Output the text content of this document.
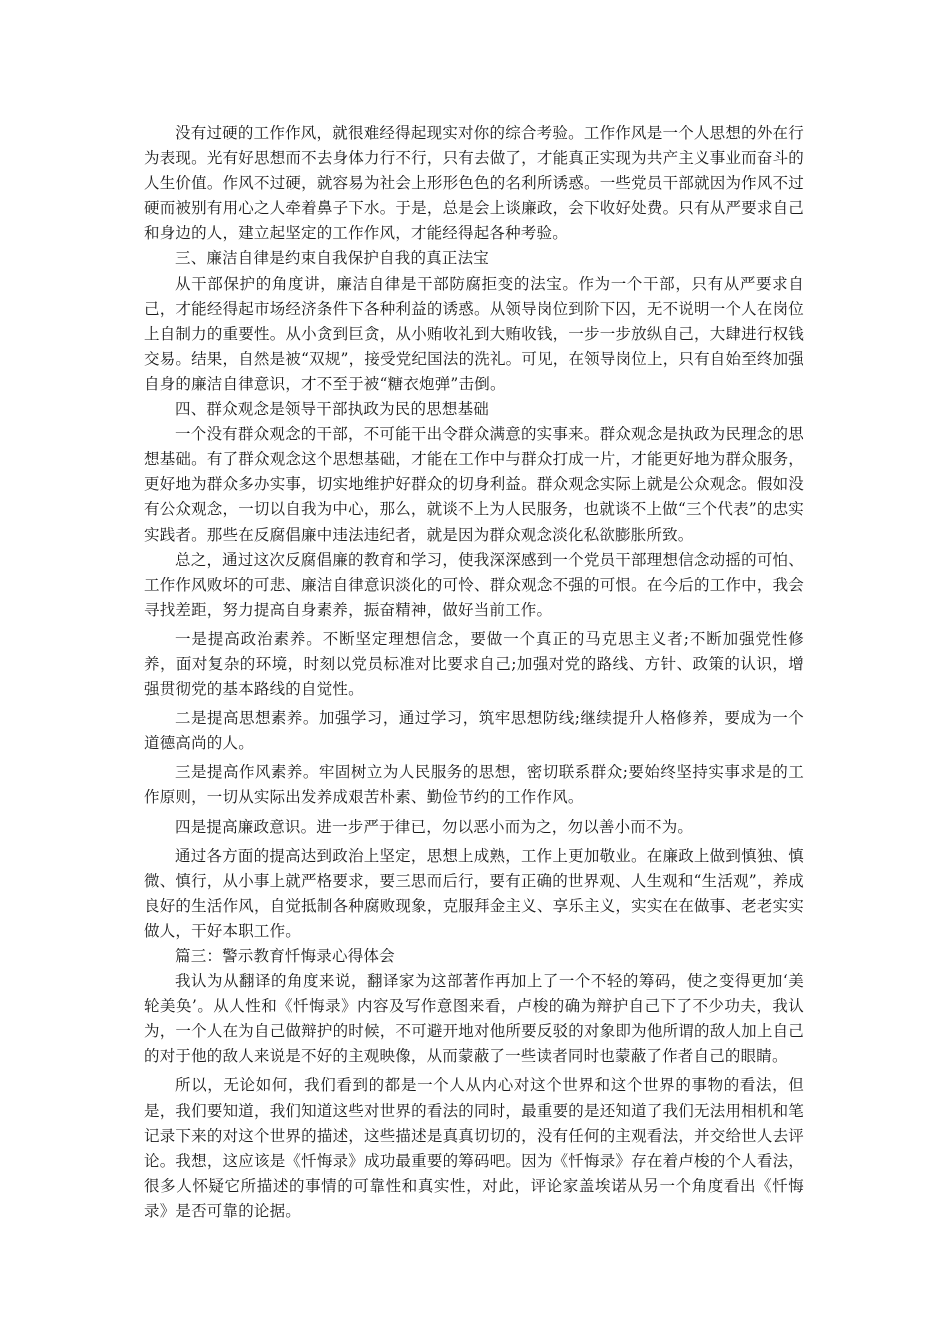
没有过硬的工作作风，就很难经得起现实对你的综合考验。工作作风是一个人思想的外在行为表现。光有好思想而不去身体力行不行，只有去做了，才能真正实现为共产主义事业而奋斗的人生价值。作风不过硬，就容易为社会上形形色色的名利所诱惑。一些党员干部就因为作风不过硬而被别有用心之人牵着鼻子下水。于是，总是会上谈廉政，会下收好处费。只有从严要求自己和身边的人，建立起坚定的工作作风，才能经得起各种考验。

三、廉洁自律是约束自我保护自我的真正法宝

从干部保护的角度讲，廉洁自律是干部防腐拒变的法宝。作为一个干部，只有从严要求自己，才能经得起市场经济条件下各种利益的诱惑。从领导岗位到阶下囚，无不说明一个人在岗位上自制力的重要性。从小贪到巨贪，从小贿收礼到大贿收钱，一步一步放纵自己，大肆进行权钱交易。结果，自然是被“双规”，接受党纪国法的洗礼。可见，在领导岗位上，只有自始至终加强自身的廉洁自律意识，才不至于被“糖衣炮弹”击倒。

四、群众观念是领导干部执政为民的思想基础

一个没有群众观念的干部，不可能干出令群众满意的实事来。群众观念是执政为民理念的思想基础。有了群众观念这个思想基础，才能在工作中与群众打成一片，才能更好地为群众服务，更好地为群众多办实事，切实地维护好群众的切身利益。群众观念实际上就是公众观念。假如没有公众观念，一切以自我为中心，那么，就谈不上为人民服务，也就谈不上做“三个代表”的忠实实践者。那些在反腐倡廉中违法违纪者，就是因为群众观念淡化私欲膨胀所致。

总之，通过这次反腐倡廉的教育和学习，使我深深感到一个党员干部理想信念动摇的可怕、工作作风败坏的可悲、廉洁自律意识淡化的可怜、群众观念不强的可恨。在今后的工作中，我会寻找差距，努力提高自身素养，振奋精神，做好当前工作。

一是提高政治素养。不断坚定理想信念，要做一个真正的马克思主义者;不断加强党性修养，面对复杂的环境，时刻以党员标准对比要求自己;加强对党的路线、方针、政策的认识，增强贯彻党的基本路线的自觉性。

二是提高思想素养。加强学习，通过学习，筑牢思想防线;继续提升人格修养，要成为一个道德高尚的人。

三是提高作风素养。牢固树立为人民服务的思想，密切联系群众;要始终坚持实事求是的工作原则，一切从实际出发养成艰苦朴素、勤俭节约的工作作风。

四是提高廉政意识。进一步严于律已，勿以恶小而为之，勿以善小而不为。

通过各方面的提高达到政治上坚定，思想上成熟，工作上更加敬业。在廉政上做到慎独、慎微、慎行，从小事上就严格要求，要三思而后行，要有正确的世界观、人生观和“生活观”，养成良好的生活作风，自觉抵制各种腐败现象，克服拜金主义、享乐主义，实实在在做事、老老实实做人，干好本职工作。

篇三：警示教育忏悔录心得体会

我认为从翻译的角度来说，翻译家为这部著作再加上了一个不轻的筹码，使之变得更加‘美轮美奂’。从人性和《忏悔录》内容及写作意图来看，卢梭的确为辩护自己下了不少功夫，我认为，一个人在为自己做辩护的时候，不可避开地对他所要反驳的对象即为他所谓的敌人加上自己的对于他的敌人来说是不好的主观映像，从而蒙蔽了一些读者同时也蒙蔽了作者自己的眼睛。

所以，无论如何，我们看到的都是一个人从内心对这个世界和这个世界的事物的看法，但是，我们要知道，我们知道这些对世界的看法的同时，最重要的是还知道了我们无法用相机和笔记录下来的对这个世界的描述，这些描述是真真切切的，没有任何的主观看法，并交给世人去评论。我想，这应该是《忏悔录》成功最重要的筹码吧。因为《忏悔录》存在着卢梭的个人看法，很多人怀疑它所描述的事情的可靠性和真实性，对此，评论家盖埃诺从另一个角度看出《忏悔录》是否可靠的论据。
